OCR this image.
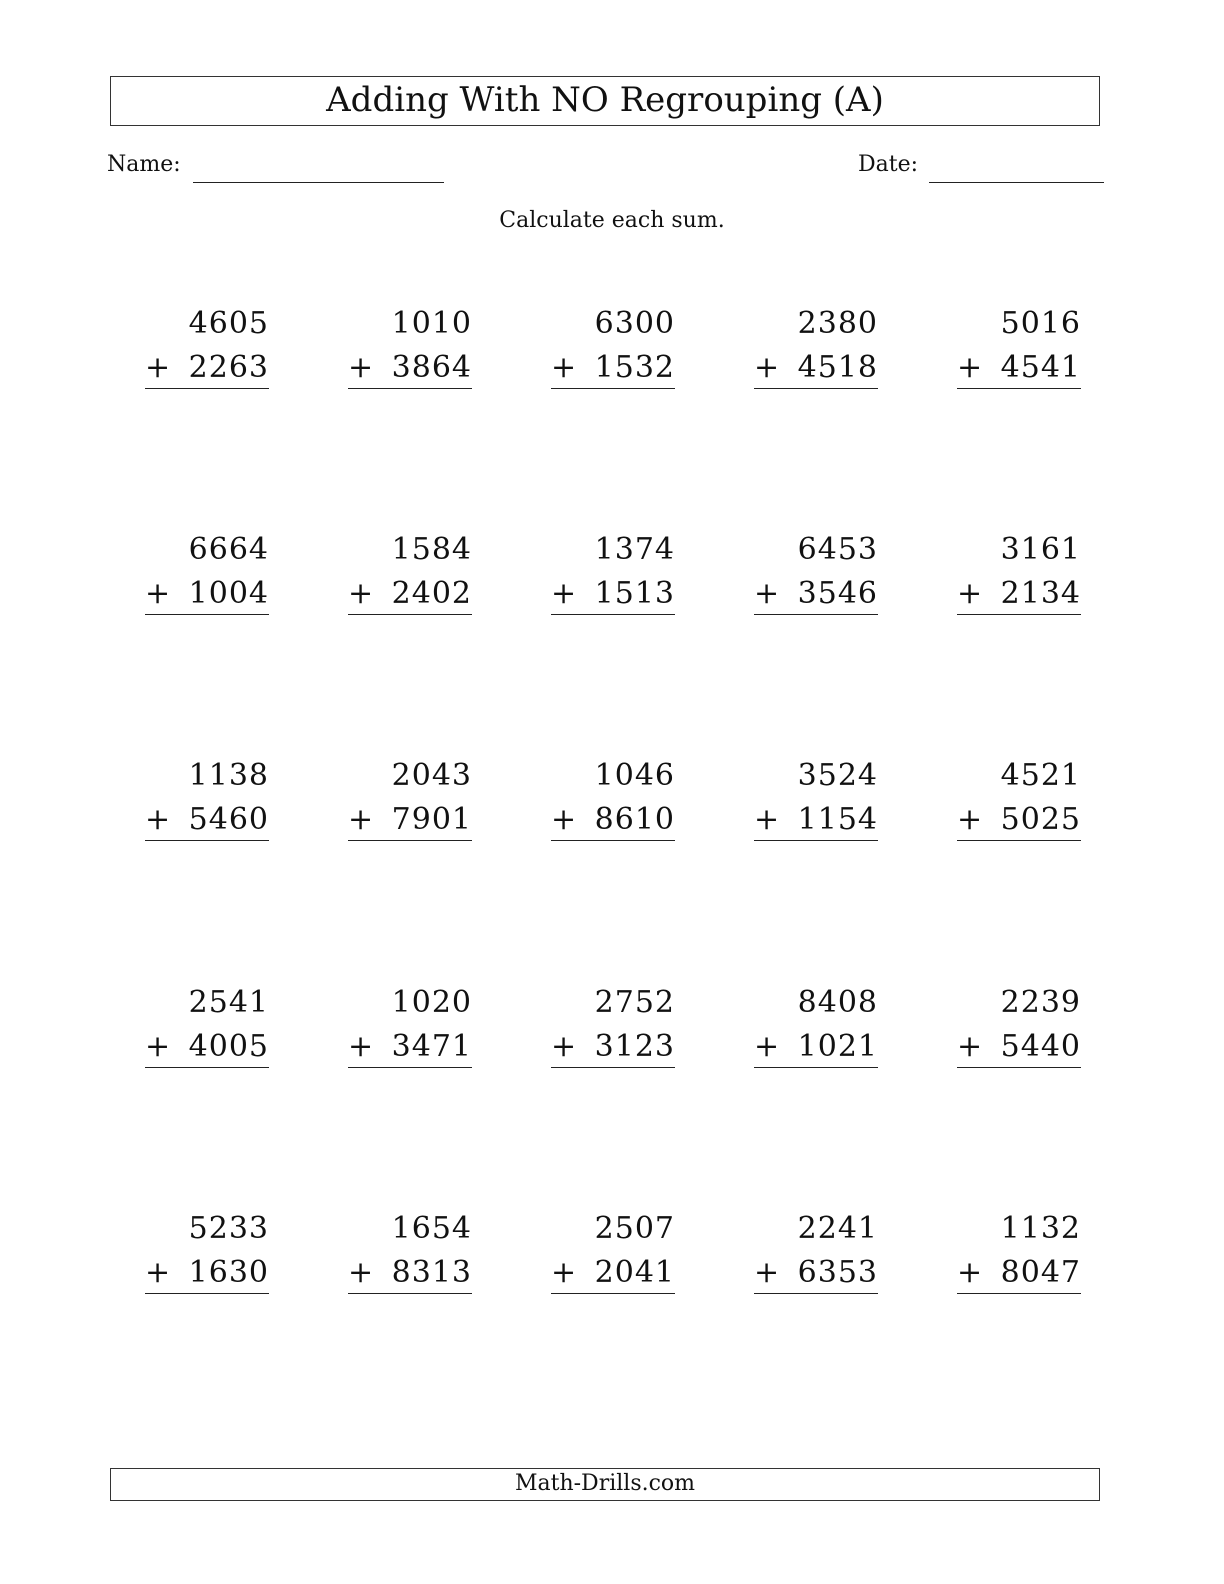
Adding With NO Regrouping (A)
Name:	Date:
Calculate each sum.
4605
+ 2263
1010
+ 3864
6300
+ 1532
2380
+ 4518
5016
+ 4541
6664
+ 1004
1584
+ 2402
1374
+ 1513
6453
+ 3546
3161
+ 2134
1138
+ 5460
2043
+ 7901
1046
+ 8610
3524
+ 1154
4521
+ 5025
2541
+ 4005
1020
+ 3471
2752
+ 3123
8408
+ 1021
2239
+ 5440
5233
+ 1630
1654
+ 8313
2507
+ 2041
2241
+ 6353
1132
+ 8047
Math-Drills.com
